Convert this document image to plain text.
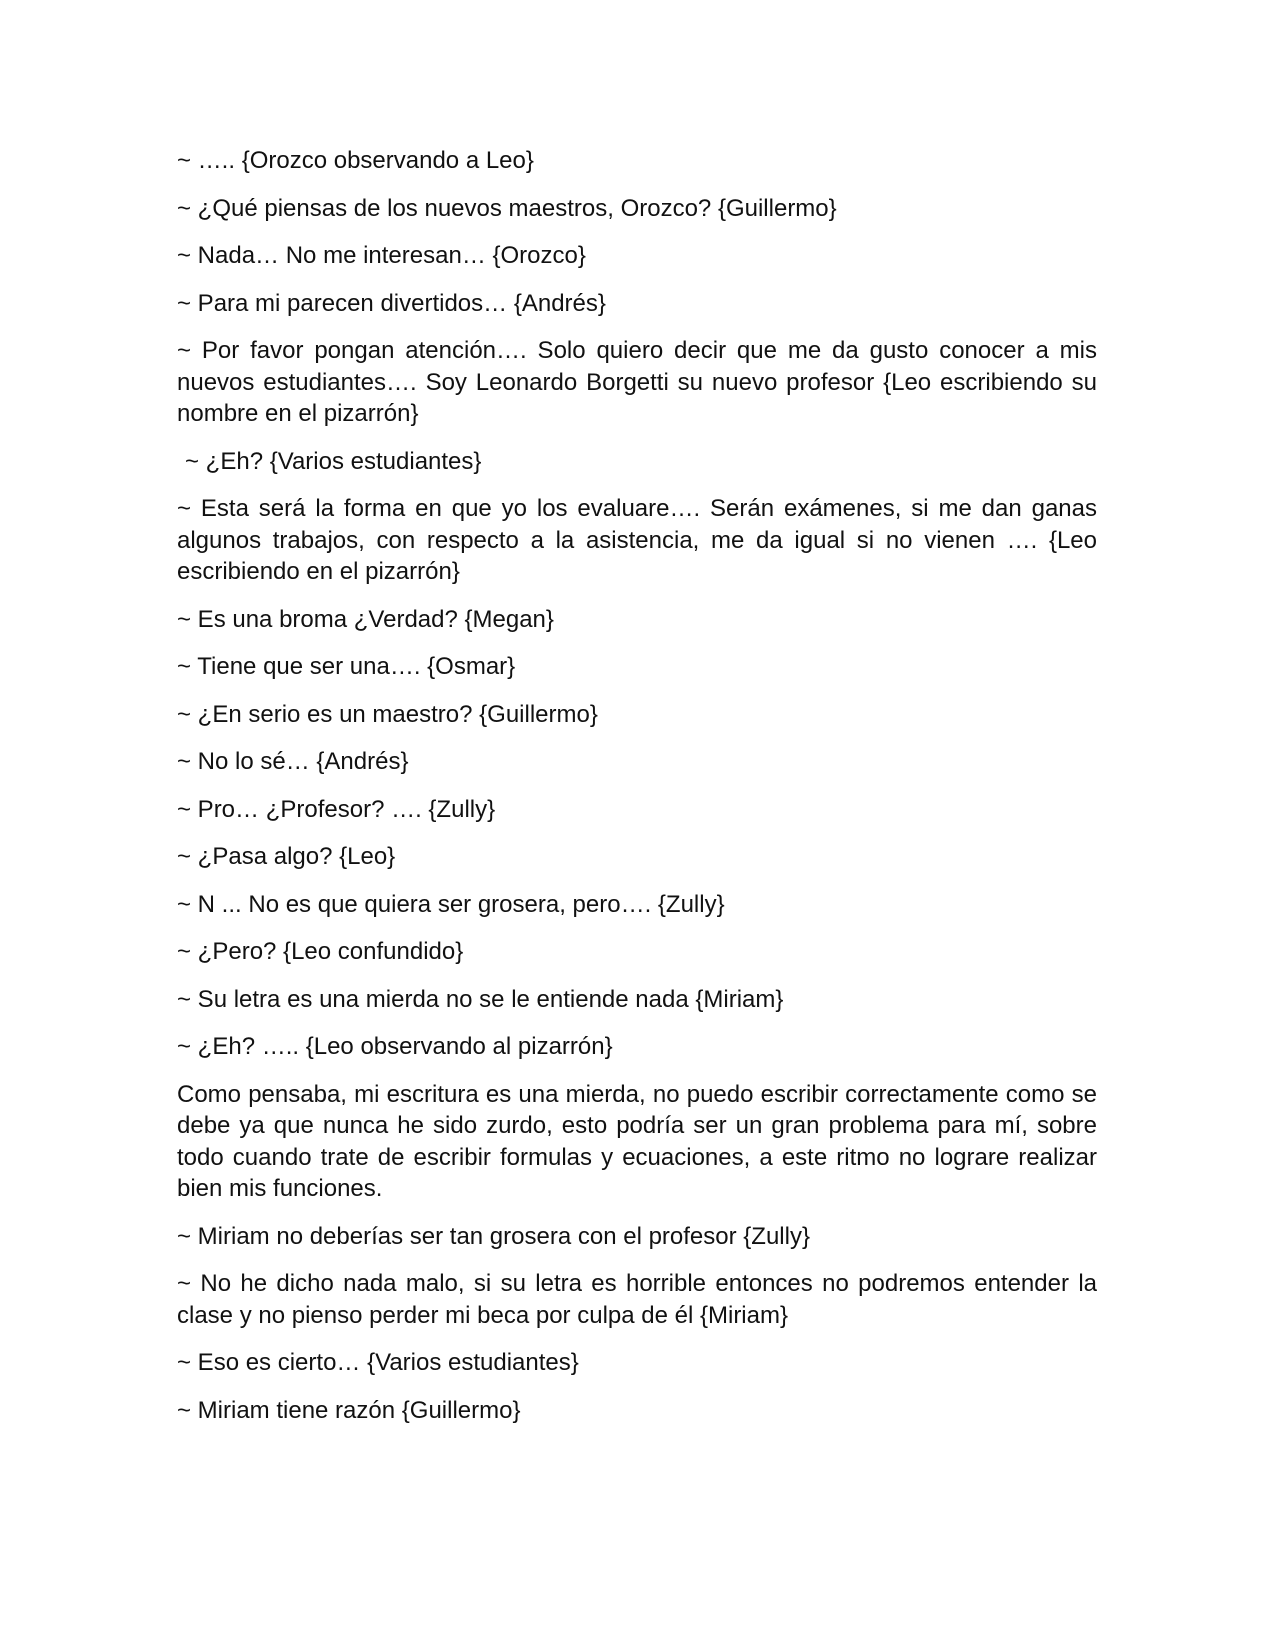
~ ….. {Orozco observando a Leo}

~ ¿Qué piensas de los nuevos maestros, Orozco? {Guillermo}

~ Nada… No me interesan… {Orozco}

~ Para mi parecen divertidos… {Andrés}

~ Por favor pongan atención…. Solo quiero decir que me da gusto conocer a mis nuevos estudiantes…. Soy Leonardo Borgetti su nuevo profesor {Leo escribiendo su nombre en el pizarrón}

~ ¿Eh? {Varios estudiantes}

~ Esta será la forma en que yo los evaluare…. Serán exámenes, si me dan ganas algunos trabajos, con respecto a la asistencia, me da igual si no vienen …. {Leo escribiendo en el pizarrón}

~ Es una broma ¿Verdad? {Megan}

~ Tiene que ser una…. {Osmar}

~ ¿En serio es un maestro? {Guillermo}

~ No lo sé… {Andrés}

~ Pro… ¿Profesor? …. {Zully}

~ ¿Pasa algo? {Leo}

~ N ... No es que quiera ser grosera, pero…. {Zully}

~ ¿Pero? {Leo confundido}

~ Su letra es una mierda no se le entiende nada {Miriam}

~ ¿Eh? ….. {Leo observando al pizarrón}

Como pensaba, mi escritura es una mierda, no puedo escribir correctamente como se debe ya que nunca he sido zurdo, esto podría ser un gran problema para mí, sobre todo cuando trate de escribir formulas y ecuaciones, a este ritmo no lograre realizar bien mis funciones.

~ Miriam no deberías ser tan grosera con el profesor {Zully}

~ No he dicho nada malo, si su letra es horrible entonces no podremos entender la clase y no pienso perder mi beca por culpa de él {Miriam}

~ Eso es cierto… {Varios estudiantes}

~ Miriam tiene razón {Guillermo}
